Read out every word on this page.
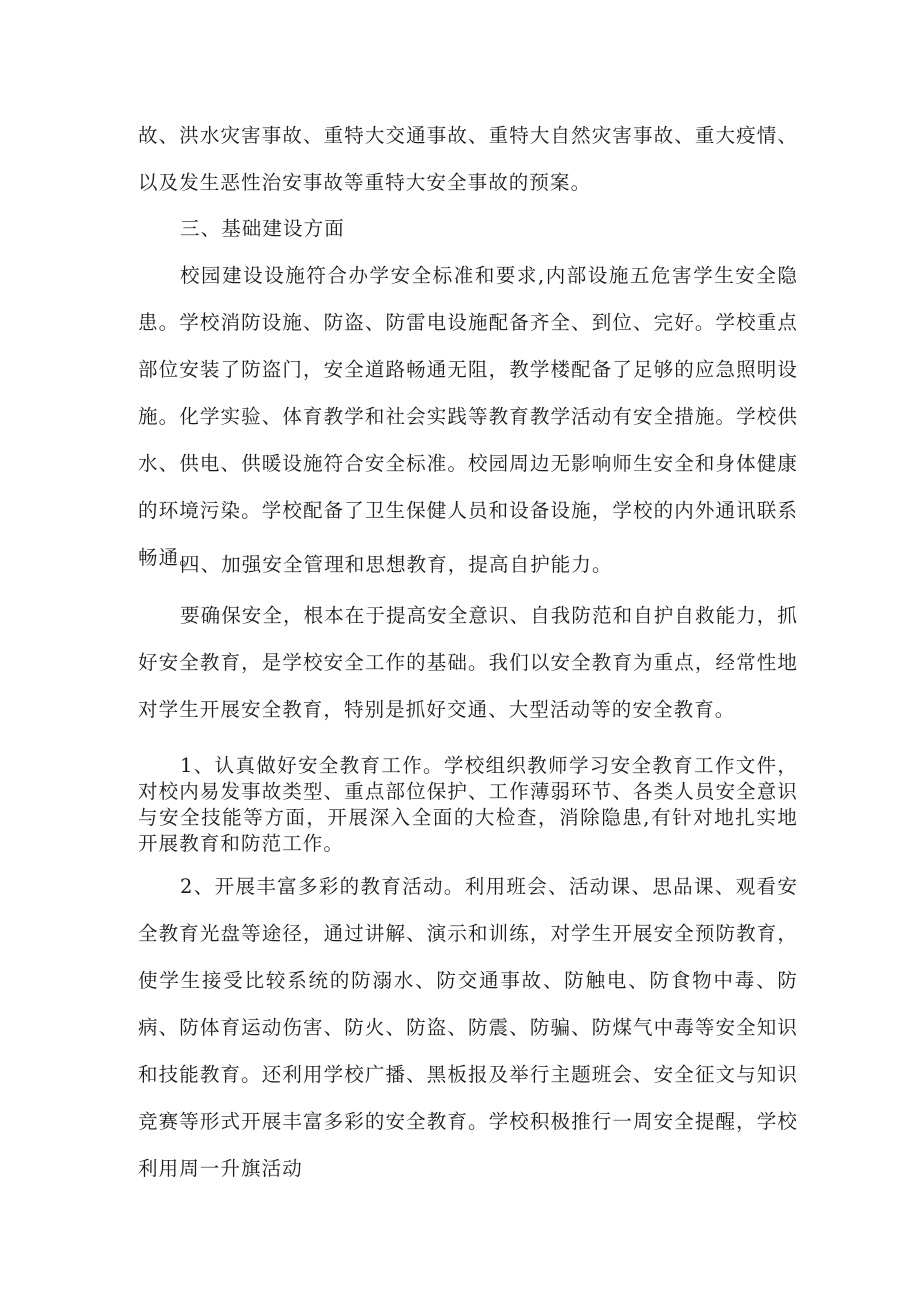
故、洪水灾害事故、重特大交通事故、重特大自然灾害事故、重大疫情、以及发生恶性治安事故等重特大安全事故的预案。

三、基础建设方面

校园建设设施符合办学安全标准和要求,内部设施五危害学生安全隐患。学校消防设施、防盗、防雷电设施配备齐全、到位、完好。学校重点部位安装了防盗门，安全道路畅通无阻，教学楼配备了足够的应急照明设施。化学实验、体育教学和社会实践等教育教学活动有安全措施。学校供水、供电、供暖设施符合安全标准。校园周边无影响师生安全和身体健康的环境污染。学校配备了卫生保健人员和设备设施，学校的内外通讯联系畅通。

四、加强安全管理和思想教育，提高自护能力。

要确保安全，根本在于提高安全意识、自我防范和自护自救能力，抓好安全教育，是学校安全工作的基础。我们以安全教育为重点，经常性地对学生开展安全教育，特别是抓好交通、大型活动等的安全教育。

1、认真做好安全教育工作。学校组织教师学习安全教育工作文件，对校内易发事故类型、重点部位保护、工作薄弱环节、各类人员安全意识与安全技能等方面，开展深入全面的大检查，消除隐患,有针对地扎实地开展教育和防范工作。

2、开展丰富多彩的教育活动。利用班会、活动课、思品课、观看安全教育光盘等途径，通过讲解、演示和训练，对学生开展安全预防教育，使学生接受比较系统的防溺水、防交通事故、防触电、防食物中毒、防病、防体育运动伤害、防火、防盗、防震、防骗、防煤气中毒等安全知识和技能教育。还利用学校广播、黑板报及举行主题班会、安全征文与知识竞赛等形式开展丰富多彩的安全教育。学校积极推行一周安全提醒，学校利用周一升旗活动
